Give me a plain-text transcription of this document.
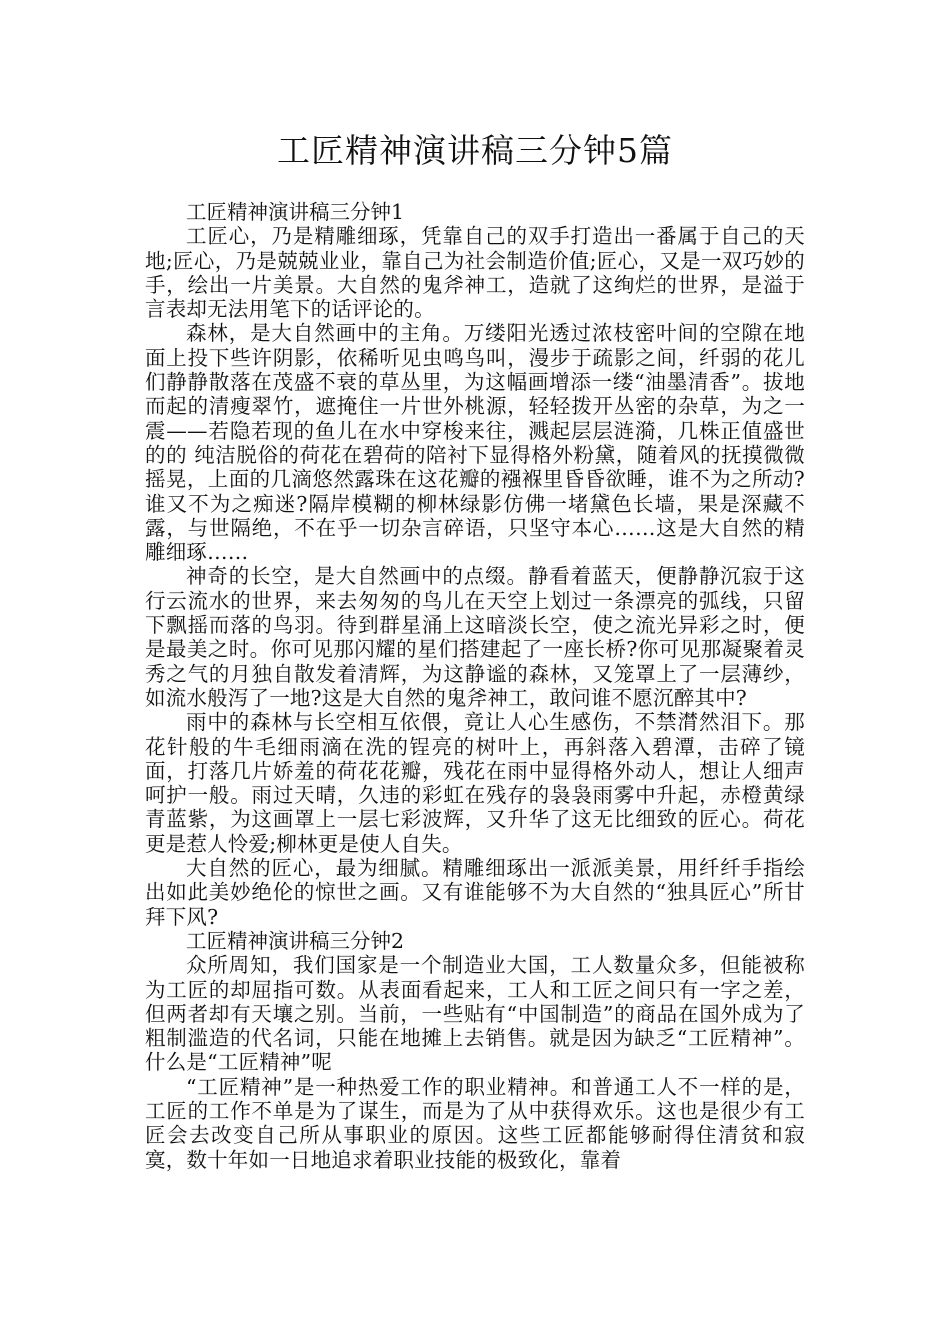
工匠精神演讲稿三分钟5篇

工匠精神演讲稿三分钟1

工匠心，乃是精雕细琢，凭靠自己的双手打造出一番属于自己的天地;匠心，乃是兢兢业业，靠自己为社会制造价值;匠心，又是一双巧妙的手，绘出一片美景。大自然的鬼斧神工，造就了这绚烂的世界，是溢于言表却无法用笔下的话评论的。

森林，是大自然画中的主角。万缕阳光透过浓枝密叶间的空隙在地面上投下些许阴影，依稀听见虫鸣鸟叫，漫步于疏影之间，纤弱的花儿们静静散落在茂盛不衰的草丛里，为这幅画增添一缕“油墨清香”。拔地而起的清瘦翠竹，遮掩住一片世外桃源，轻轻拨开丛密的杂草，为之一震——若隐若现的鱼儿在水中穿梭来往，溅起层层涟漪，几株正值盛世的的 纯洁脱俗的荷花在碧荷的陪衬下显得格外粉黛，随着风的抚摸微微摇晃，上面的几滴悠然露珠在这花瓣的襁褓里昏昏欲睡，谁不为之所动?谁又不为之痴迷?隔岸模糊的柳林绿影仿佛一堵黛色长墙，果是深藏不露，与世隔绝，不在乎一切杂言碎语，只坚守本心……这是大自然的精雕细琢……

神奇的长空，是大自然画中的点缀。静看着蓝天，便静静沉寂于这行云流水的世界，来去匆匆的鸟儿在天空上划过一条漂亮的弧线，只留下飘摇而落的鸟羽。待到群星涌上这暗淡长空，使之流光异彩之时，便是最美之时。你可见那闪耀的星们搭建起了一座长桥?你可见那凝聚着灵秀之气的月独自散发着清辉，为这静谧的森林，又笼罩上了一层薄纱，如流水般泻了一地?这是大自然的鬼斧神工，敢问谁不愿沉醉其中?

雨中的森林与长空相互依偎，竟让人心生感伤，不禁潸然泪下。那花针般的牛毛细雨滴在洗的锃亮的树叶上，再斜落入碧潭，击碎了镜面，打落几片娇羞的荷花花瓣，残花在雨中显得格外动人，想让人细声呵护一般。雨过天晴，久违的彩虹在残存的袅袅雨雾中升起，赤橙黄绿青蓝紫，为这画罩上一层七彩波辉，又升华了这无比细致的匠心。荷花更是惹人怜爱;柳林更是使人自失。

大自然的匠心，最为细腻。精雕细琢出一派派美景，用纤纤手指绘出如此美妙绝伦的惊世之画。又有谁能够不为大自然的“独具匠心”所甘拜下风?

工匠精神演讲稿三分钟2

众所周知，我们国家是一个制造业大国，工人数量众多，但能被称为工匠的却屈指可数。从表面看起来，工人和工匠之间只有一字之差，但两者却有天壤之别。当前，一些贴有“中国制造”的商品在国外成为了粗制滥造的代名词，只能在地摊上去销售。就是因为缺乏“工匠精神”。什么是“工匠精神”呢

“工匠精神”是一种热爱工作的职业精神。和普通工人不一样的是，工匠的工作不单是为了谋生，而是为了从中获得欢乐。这也是很少有工匠会去改变自己所从事职业的原因。这些工匠都能够耐得住清贫和寂寞，数十年如一日地追求着职业技能的极致化，靠着
